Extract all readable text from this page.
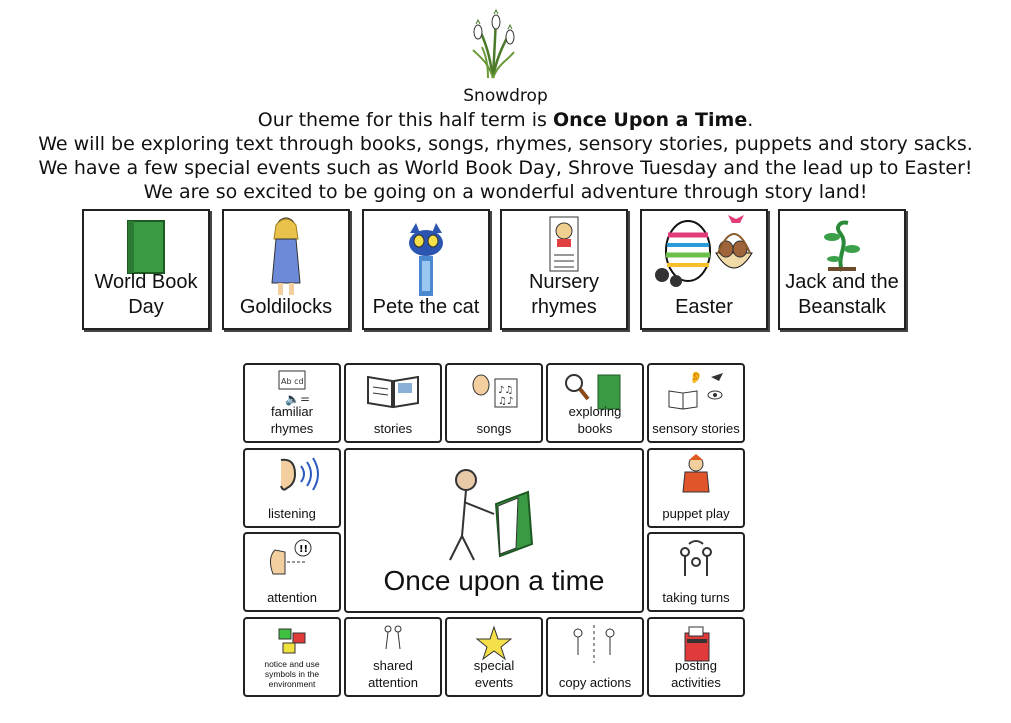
Snowdrop
Our theme for this half term is Once Upon a Time.
We will be exploring text through books, songs, rhymes, sensory stories, puppets and story sacks.
We have a few special events such as World Book Day, Shrove Tuesday and the lead up to Easter!
We are so excited to be going on a wonderful adventure through story land!
World Book
Day	Goldilocks	Pete the cat
Nursery
rhymes	Easter
Jack and the
Beanstalk
Ab cd
🔈=
familiar
rhymes	stories
♪♫
♫♪
songs
exploring books
👂
sensory stories
listening	puppet play
!!
attention	taking turns
Once upon a time
notice and use
symbols in the
environment
shared
attention
special
events	copy actions
posting
activities
